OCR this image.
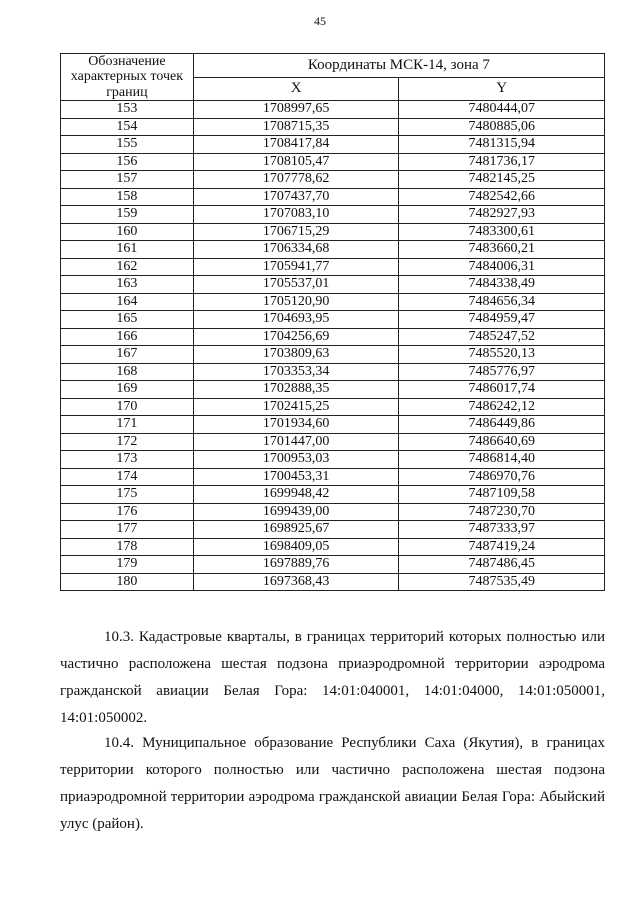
45
Обозначение характерных точек границ	Координаты МСК-14, зона 7	
	X	Y
153	1708997,65	7480444,07
154	1708715,35	7480885,06
155	1708417,84	7481315,94
156	1708105,47	7481736,17
157	1707778,62	7482145,25
158	1707437,70	7482542,66
159	1707083,10	7482927,93
160	1706715,29	7483300,61
161	1706334,68	7483660,21
162	1705941,77	7484006,31
163	1705537,01	7484338,49
164	1705120,90	7484656,34
165	1704693,95	7484959,47
166	1704256,69	7485247,52
167	1703809,63	7485520,13
168	1703353,34	7485776,97
169	1702888,35	7486017,74
170	1702415,25	7486242,12
171	1701934,60	7486449,86
172	1701447,00	7486640,69
173	1700953,03	7486814,40
174	1700453,31	7486970,76
175	1699948,42	7487109,58
176	1699439,00	7487230,70
177	1698925,67	7487333,97
178	1698409,05	7487419,24
179	1697889,76	7487486,45
180	1697368,43	7487535,49

10.3. Кадастровые кварталы, в границах территорий которых полностью или частично расположена шестая подзона приаэродромной территории аэродрома гражданской авиации Белая Гора: 14:01:040001, 14:01:04000, 14:01:050001, 14:01:050002.

10.4. Муниципальное образование Республики Саха (Якутия), в границах территории которого полностью или частично расположена шестая подзона приаэродромной территории аэродрома гражданской авиации Белая Гора: Абыйский улус (район).
